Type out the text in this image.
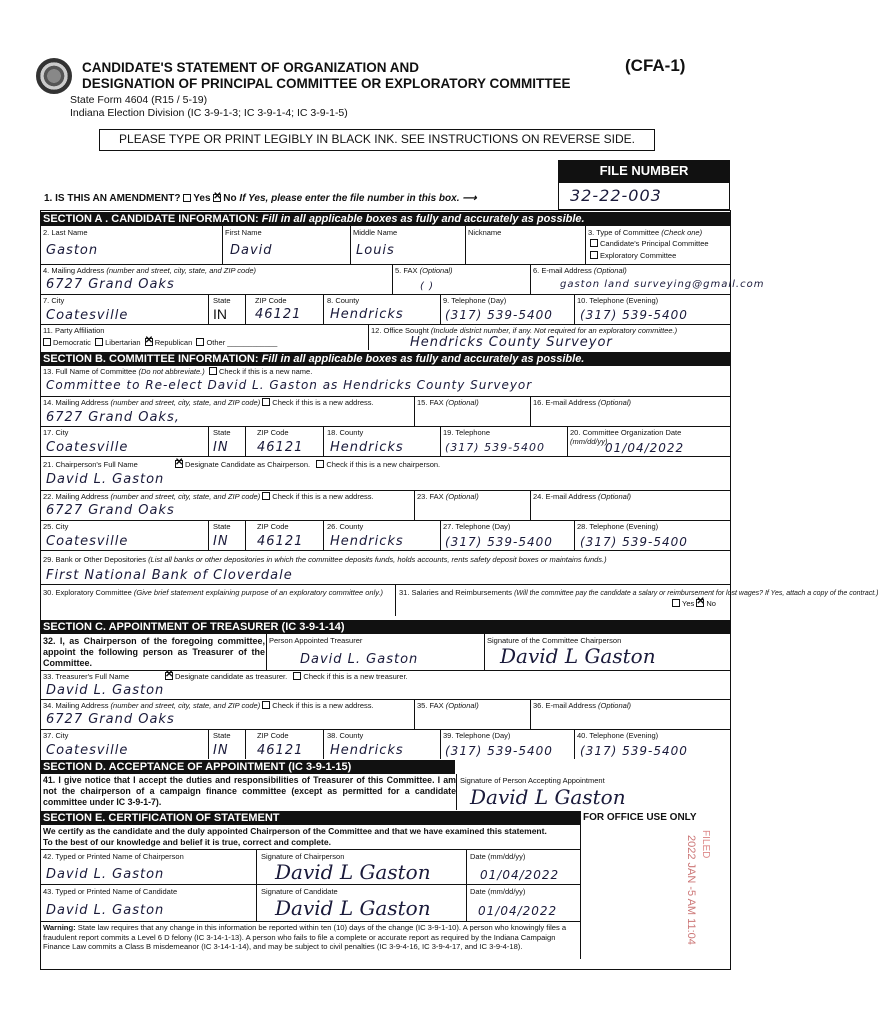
CANDIDATE'S STATEMENT OF ORGANIZATION AND
DESIGNATION OF PRINCIPAL COMMITTEE OR EXPLORATORY COMMITTEE
(CFA-1)
State Form 4604 (R15 / 5-19)
Indiana Election Division (IC 3-9-1-3; IC 3-9-1-4; IC 3-9-1-5)
PLEASE TYPE OR PRINT LEGIBLY IN BLACK INK. SEE INSTRUCTIONS ON REVERSE SIDE.
FILE NUMBER
32-22-003
1. IS THIS AN AMENDMENT? Yes ✕ No If Yes, please enter the file number in this box. ⟶
SECTION A . CANDIDATE INFORMATION: Fill in all applicable boxes as fully and accurately as possible.
2. Last Name	First Name	Middle Name	Nickname	3. Type of Committee (Check one)
Candidate's Principal Committee
Exploratory Committee
Gaston	David	Louis
4. Mailing Address (number and street, city, state, and ZIP code)	5. FAX (Optional)	6. E-mail Address (Optional)
6727 Grand Oaks	( )	gaston land surveying@gmail.com
7. City	State	ZIP Code	8. County	9. Telephone (Day)	10. Telephone (Evening)
Coatesville	IN 46121 Hendricks	(317) 539-5400 (317) 539-5400
11. Party Affiliation
Democratic Libertarian ✕ Republican Other ____________
12. Office Sought (Include district number, if any. Not required for an exploratory committee.)
Hendricks County Surveyor
SECTION B. COMMITTEE INFORMATION: Fill in all applicable boxes as fully and accurately as possible.
13. Full Name of Committee (Do not abbreviate.) Check if this is a new name.
Committee to Re-elect David L. Gaston as Hendricks County Surveyor
14. Mailing Address (number and street, city, state, and ZIP code) Check if this is a new address.	15. FAX (Optional)	16. E-mail Address (Optional)
6727 Grand Oaks,
17. City	State	ZIP Code	18. County	19. Telephone	20. Committee Organization Date
(mm/dd/yy)
Coatesville	IN 46121 Hendricks	(317) 539-5400	01/04/2022
21. Chairperson's Full Name ✕	Designate Candidate as Chairperson. Check if this is a new chairperson.
David L. Gaston
22. Mailing Address (number and street, city, state, and ZIP code) Check if this is a new address.	23. FAX (Optional)	24. E-mail Address (Optional)
6727 Grand Oaks
25. City	State	ZIP Code	26. County	27. Telephone (Day)	28. Telephone (Evening)
Coatesville	IN 46121 Hendricks	(317) 539-5400 (317) 539-5400
29. Bank or Other Depositories (List all banks or other depositories in which the committee deposits funds, holds accounts, rents safety deposit boxes or maintains funds.)
First National Bank of Cloverdale
30. Exploratory Committee (Give brief statement explaining purpose of an exploratory committee only.) 31. Salaries and Reimbursements (Will the committee pay the candidate a salary or reimbursement for lost wages? If Yes, attach a copy of the contract.)
Yes ✕ No
SECTION C. APPOINTMENT OF TREASURER (IC 3-9-1-14)
32. I, as Chairperson of the foregoing committee, appoint the following person as Treasurer of the Committee.
Person Appointed Treasurer	Signature of the Committee Chairperson
David L. Gaston	David L Gaston
33. Treasurer's Full Name ✕	Designate candidate as treasurer. Check if this is a new treasurer.
David L. Gaston
34. Mailing Address (number and street, city, state, and ZIP code) Check if this is a new address.	35. FAX (Optional)	36. E-mail Address (Optional)
6727 Grand Oaks
37. City	State	ZIP Code	38. County	39. Telephone (Day)	40. Telephone (Evening)
Coatesville	IN 46121 Hendricks	(317) 539-5400 (317) 539-5400
SECTION D. ACCEPTANCE OF APPOINTMENT (IC 3-9-1-15)
41. I give notice that I accept the duties and responsibilities of Treasurer of this Committee. I am not the chairperson of a campaign finance committee (except as permitted for a candidate committee under IC 3-9-1-7).
Signature of Person Accepting Appointment
David L Gaston
SECTION E. CERTIFICATION OF STATEMENT	FOR OFFICE USE ONLY
We certify as the candidate and the duly appointed Chairperson of the Committee and that we have examined this statement. To the best of our knowledge and belief it is true, correct and complete.
42. Typed or Printed Name of Chairperson	Signature of Chairperson	Date (mm/dd/yy)
David L. Gaston	David L Gaston	01/04/2022
43. Typed or Printed Name of Candidate	Signature of Candidate	Date (mm/dd/yy)
David L. Gaston	David L Gaston	01/04/2022
Warning: State law requires that any change in this information be reported within ten (10) days of the change (IC 3-9-1-10). A person who knowingly files a fraudulent report commits a Level 6 D felony (IC 3-14-1-13). A person who fails to file a complete or accurate report as required by the Indiana Campaign Finance Law commits a Class B misdemeanor (IC 3-14-1-14), and may be subject to civil penalties (IC 3-9-4-16, IC 3-9-4-17, and IC 3-9-4-18).
FILED
2022 JAN -5 AM 11:04
